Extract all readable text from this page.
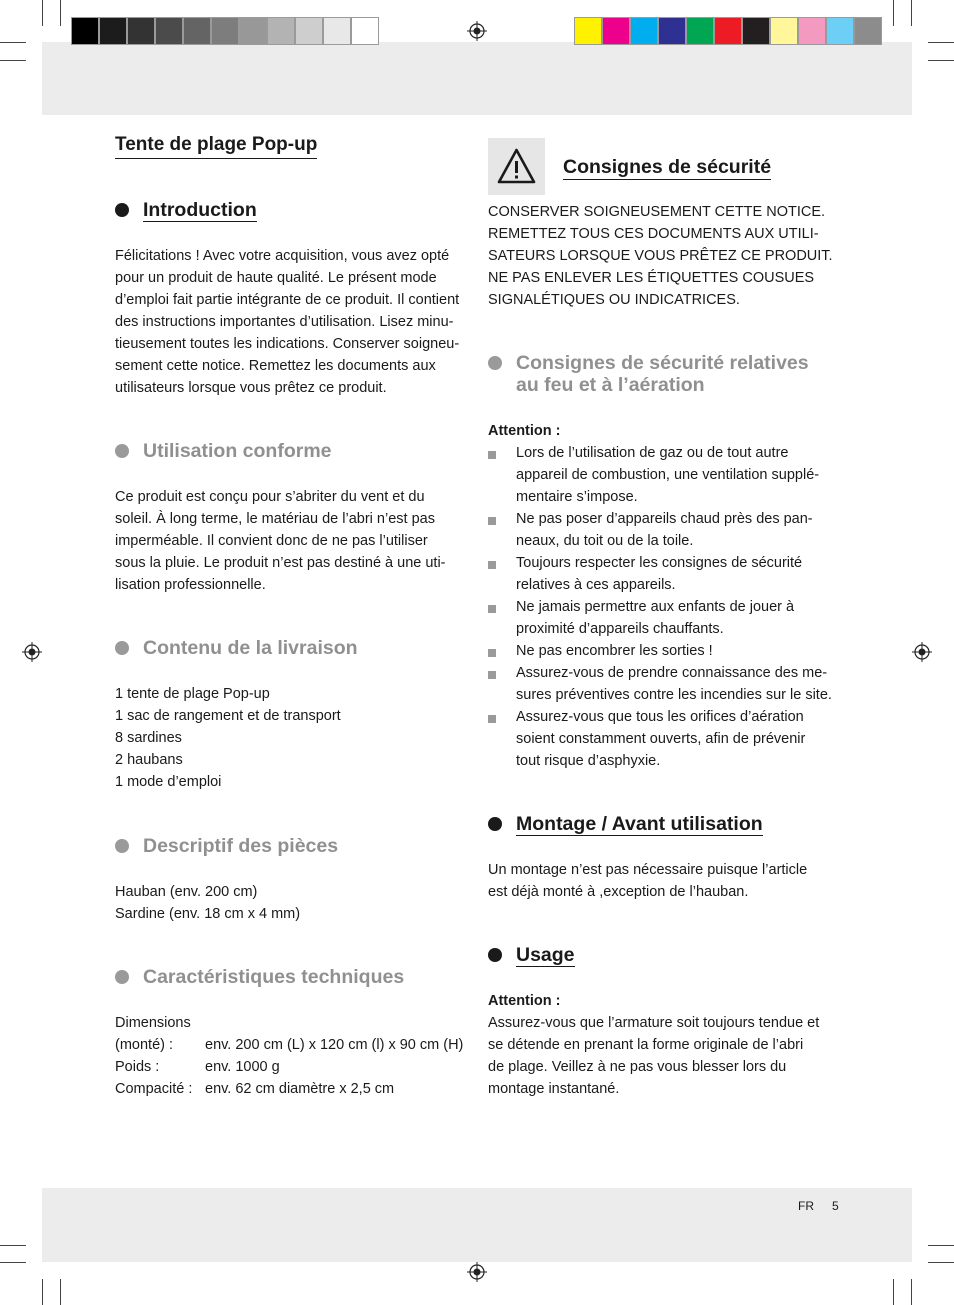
Tente de plage Pop-up
Introduction
Félicitations ! Avec votre acquisition, vous avez opté
pour un produit de haute qualité. Le présent mode
d’emploi fait partie intégrante de ce produit. Il contient
des instructions importantes d’utilisation. Lisez minu-
tieusement toutes les indications. Conserver soigneu-
sement cette notice. Remettez les documents aux
utilisateurs lorsque vous prêtez ce produit.
Utilisation conforme
Ce produit est conçu pour s’abriter du vent et du
soleil. À long terme, le matériau de l’abri n’est pas
imperméable. Il convient donc de ne pas l’utiliser
sous la pluie. Le produit n’est pas destiné à une uti-
lisation professionnelle.
Contenu de la livraison
1 tente de plage Pop-up
1 sac de rangement et de transport
8 sardines
2 haubans
1 mode d’emploi
Descriptif des pièces
Hauban (env. 200 cm)
Sardine (env. 18 cm x 4 mm)
Caractéristiques techniques
Dimensions
(monté) :	env. 200 cm (L) x 120 cm (l) x 90 cm (H)
Poids :	env. 1000 g
Compacité : env. 62 cm diamètre x 2,5 cm
Consignes de sécurité
CONSERVER SOIGNEUSEMENT CETTE NOTICE.
REMETTEZ TOUS CES DOCUMENTS AUX UTILI-
SATEURS LORSQUE VOUS PRÊTEZ CE PRODUIT.
NE PAS ENLEVER LES ÉTIQUETTES COUSUES
SIGNALÉTIQUES OU INDICATRICES.
Consignes de sécurité relatives
au feu et à l’aération
Attention :
Lors de l’utilisation de gaz ou de tout autre
appareil de combustion, une ventilation supplé-
mentaire s’impose.
Ne pas poser d’appareils chaud près des pan-
neaux, du toit ou de la toile.
Toujours respecter les consignes de sécurité
relatives à ces appareils.
Ne jamais permettre aux enfants de jouer à
proximité d’appareils chauffants.
Ne pas encombrer les sorties !
Assurez-vous de prendre connaissance des me-
sures préventives contre les incendies sur le site.
Assurez-vous que tous les orifices d’aération
soient constamment ouverts, afin de prévenir
tout risque d’asphyxie.
Montage / Avant utilisation
Un montage n’est pas nécessaire puisque l’article
est déjà monté à ,exception de l’hauban.
Usage
Attention :
Assurez-vous que l’armature soit toujours tendue et
se détende en prenant la forme originale de l’abri
de plage. Veillez à ne pas vous blesser lors du
montage instantané.
FR 5
